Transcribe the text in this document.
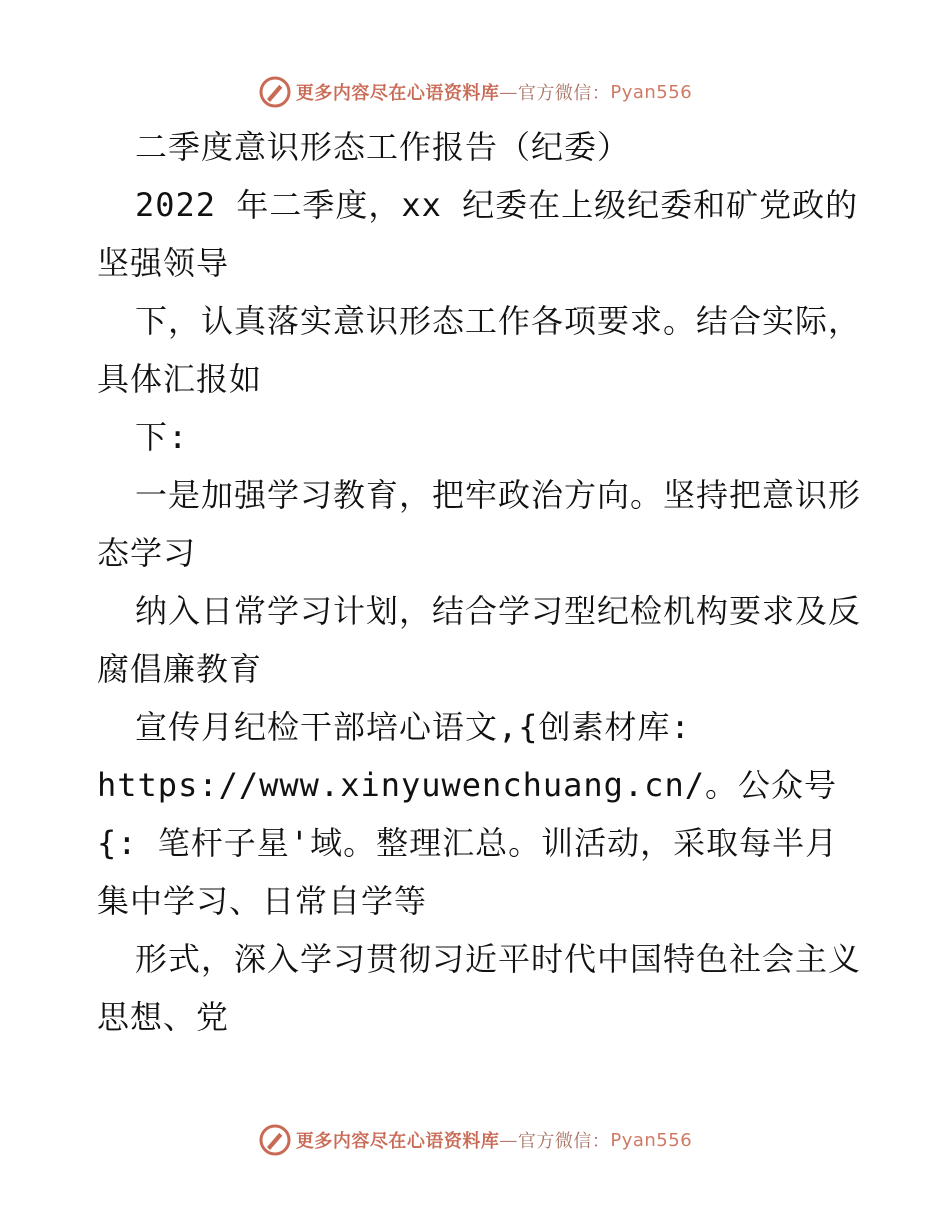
更多内容尽在心语资料库 — 官方微信： Pyan556

二季度意识形态工作报告（纪委）

2022 年二季度，xx 纪委在上级纪委和矿党政的坚强领导

下，认真落实意识形态工作各项要求。结合实际，具体汇报如

下:

一是加强学习教育，把牢政治方向。坚持把意识形态学习

纳入日常学习计划，结合学习型纪检机构要求及反腐倡廉教育

宣传月纪检干部培心语文,{创素材库:

https://www.xinyuwenchuang.cn/。公众号{: 笔杆子星'域。整理汇总。训活动，采取每半月集中学习、日常自学等

形式，深入学习贯彻习近平时代中国特色社会主义思想、党

更多内容尽在心语资料库 — 官方微信： Pyan556
